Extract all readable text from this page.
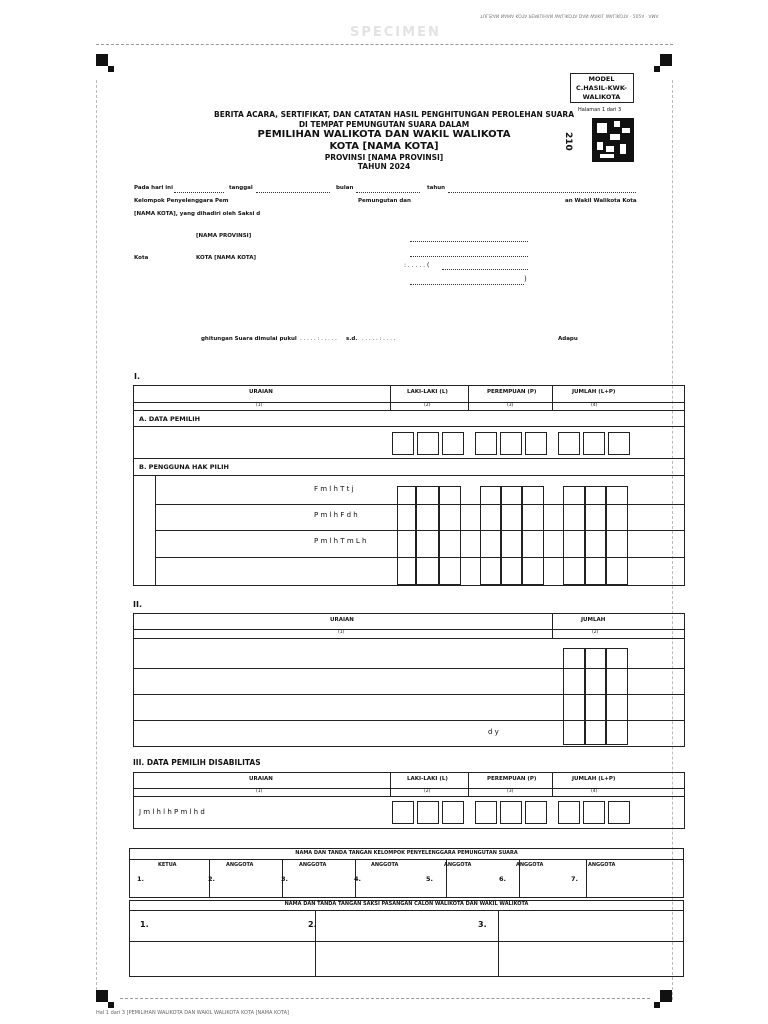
TULISAN NAMA KOTA PEMILIHAN WALIKOTA DAN WAKIL WALIKOTA · 2024 · AMA
SPECIMEN
MODEL
C.HASIL-KWK-
WALIKOTA
Halaman 1 dari 3
210
BERITA ACARA, SERTIFIKAT, DAN CATATAN HASIL PENGHITUNGAN PEROLEHAN SUARA
DI TEMPAT PEMUNGUTAN SUARA DALAM
PEMILIHAN WALIKOTA DAN WAKIL WALIKOTA
KOTA [NAMA KOTA]
PROVINSI [NAMA PROVINSI]
TAHUN 2024
Pada hari ini	tanggal	bulan	tahun
Kelompok Penyelenggara Pem	Pemungutan dan	an Wakil Walikota Kota
[NAMA KOTA], yang dihadiri oleh Saksi d
[NAMA PROVINSI]
Kota	KOTA [NAMA KOTA]
: . . . . . (
)
ghitungan Suara dimulai pukul . . . . . : . . . . . s.d. . . . . . : . . . .	Adapu
I.
URAIAN	LAKI-LAKI (L)	PEREMPUAN (P)	JUMLAH (L+P)
(1)	(2)	(3)	(4)
A. DATA PEMILIH
B. PENGGUNA HAK PILIH
F m l h T t j
P m l h F d h
P m l h T m L h
II.
URAIAN	JUMLAH
(1)	(2)
d y
III. DATA PEMILIH DISABILITAS
URAIAN	LAKI-LAKI (L)	PEREMPUAN (P)	JUMLAH (L+P)
(1)	(2)	(3)	(4)
J m l h l h P m l h d
NAMA DAN TANDA TANGAN KELOMPOK PENYELENGGARA PEMUNGUTAN SUARA
KETUA	ANGGOTA	ANGGOTA	ANGGOTA	ANGGOTA	ANGGOTA	ANGGOTA
1.	2.	3.	4.	5.	6.	7.
NAMA DAN TANDA TANGAN SAKSI PASANGAN CALON WALIKOTA DAN WAKIL WALIKOTA
1.	2.	3.
Hal 1 dari 3 [PEMILIHAN WALIKOTA DAN WAKIL WALIKOTA KOTA [NAMA KOTA]
